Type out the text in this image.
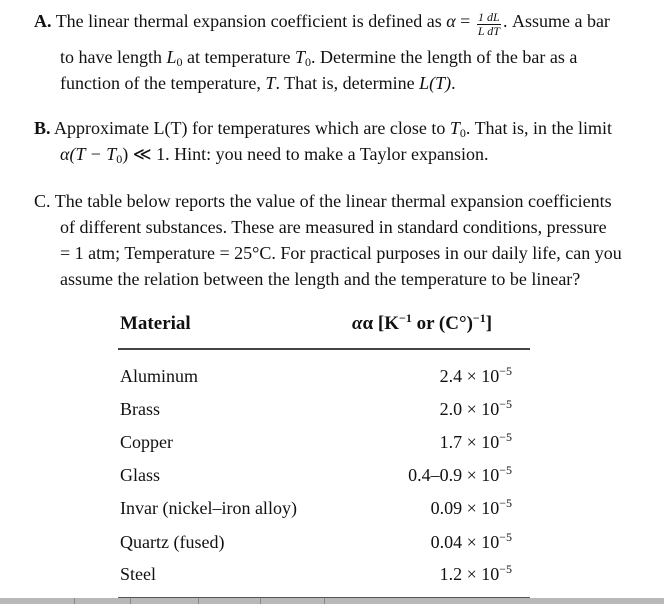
A. The linear thermal expansion coefficient is defined as $\alpha = \frac{1 dL}{\text{L dT}}$ . Assume a bar
to have length $L_0$ at temperature $T_0$. Determine the length of the bar as a
function of the temperature, T. That is, determine L(T).
B. Approximate L(T) for temperatures which are close to $T_0$. That is, in the limit
$\alpha(T - T_0)$ ≪ 1. Hint: you need to make a Taylor expansion.
C. The table below reports the value of the linear thermal expansion coefficients
of different substances. These are measured in standard conditions, pressure
= 1 atm; Temperature = 25°C. For practical purposes in our daily life, can you
assume the relation between the length and the temperature to be linear?
Material	αα [$K^{-1}$ or $(C^\circ)^{-1}$]
Aluminum	$2.4 \times 10^{-5}$
Brass	$2.0 \times 10^{-5}$
Copper	$1.7 \times 10^{-5}$
Glass	$0.4-0.9 \times 10^{-5}$
Invar (nickel–iron alloy)	$0.09 \times 10^{-5}$
Quartz (fused)	$0.04 \times 10^{-5}$
Steel	$1.2 \times 10^{-5}$
